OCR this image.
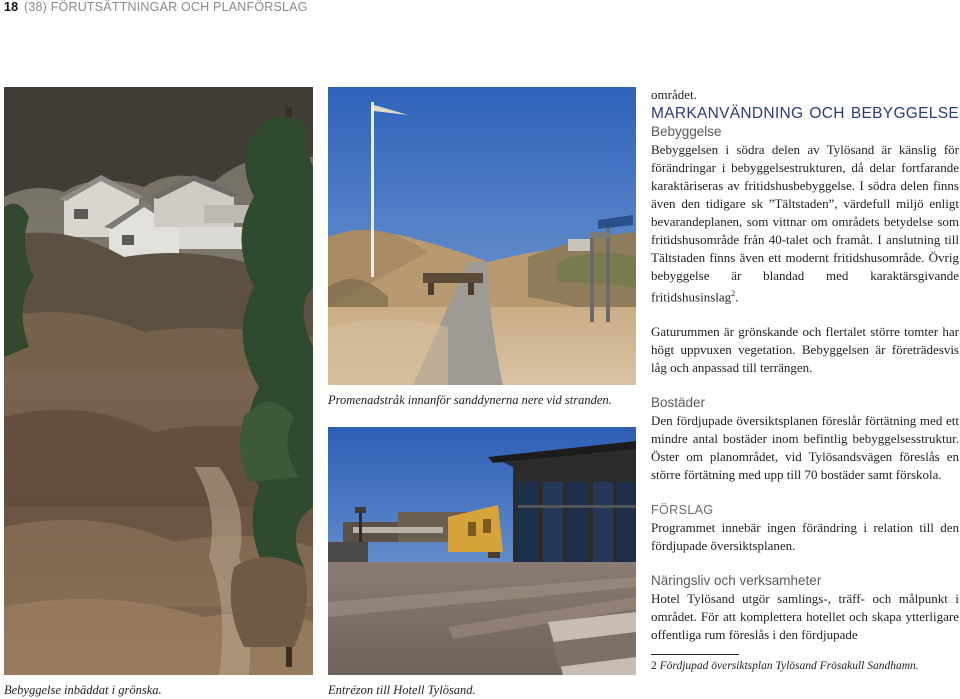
18 (38) FÖRUTSÄTTNINGAR OCH PLANFÖRSLAG
Promenadstråk innanför sanddynerna nere vid stranden.
Bebyggelse inbäddat i grönska.	Entrézon till Hotell Tylösand.

området.

MARKANVÄNDNING OCH BEBYGGELSE
Bebyggelse

Bebyggelsen i södra delen av Tylösand är känslig för förändringar i bebyggelsestrukturen, då delar fortfarande karaktäriseras av fritidshusbebyggelse. I södra delen finns även den tidigare sk ”Tältstaden”, värdefull miljö enligt bevarandeplanen, som vittnar om områdets betydelse som fritidshusområde från 40-talet och framåt. I anslutning till Tältstaden finns även ett modernt fritidshusområde. Övrig bebyggelse är blandad med karaktärsgivande fritidshusinslag$^2$.

Gaturummen är grönskande och flertalet större tomter har högt uppvuxen vegetation. Bebyggelsen är företrädesvis låg och anpassad till terrängen.

Bostäder

Den fördjupade översiktsplanen föreslår förtätning med ett mindre antal bostäder inom befintlig bebyggelsesstruktur. Öster om planområdet, vid Tylösandsvägen föreslås en större förtätning med upp till 70 bostäder samt förskola.

FÖRSLAG

Programmet innebär ingen förändring i relation till den fördjupade översiktsplanen.

Näringsliv och verksamheter

Hotel Tylösand utgör samlings-, träff- och målpunkt i området. För att komplettera hotellet och skapa ytterligare offentliga rum föreslås i den fördjupade

2 Fördjupad översiktsplan Tylösand Frösakull Sandhamn.
